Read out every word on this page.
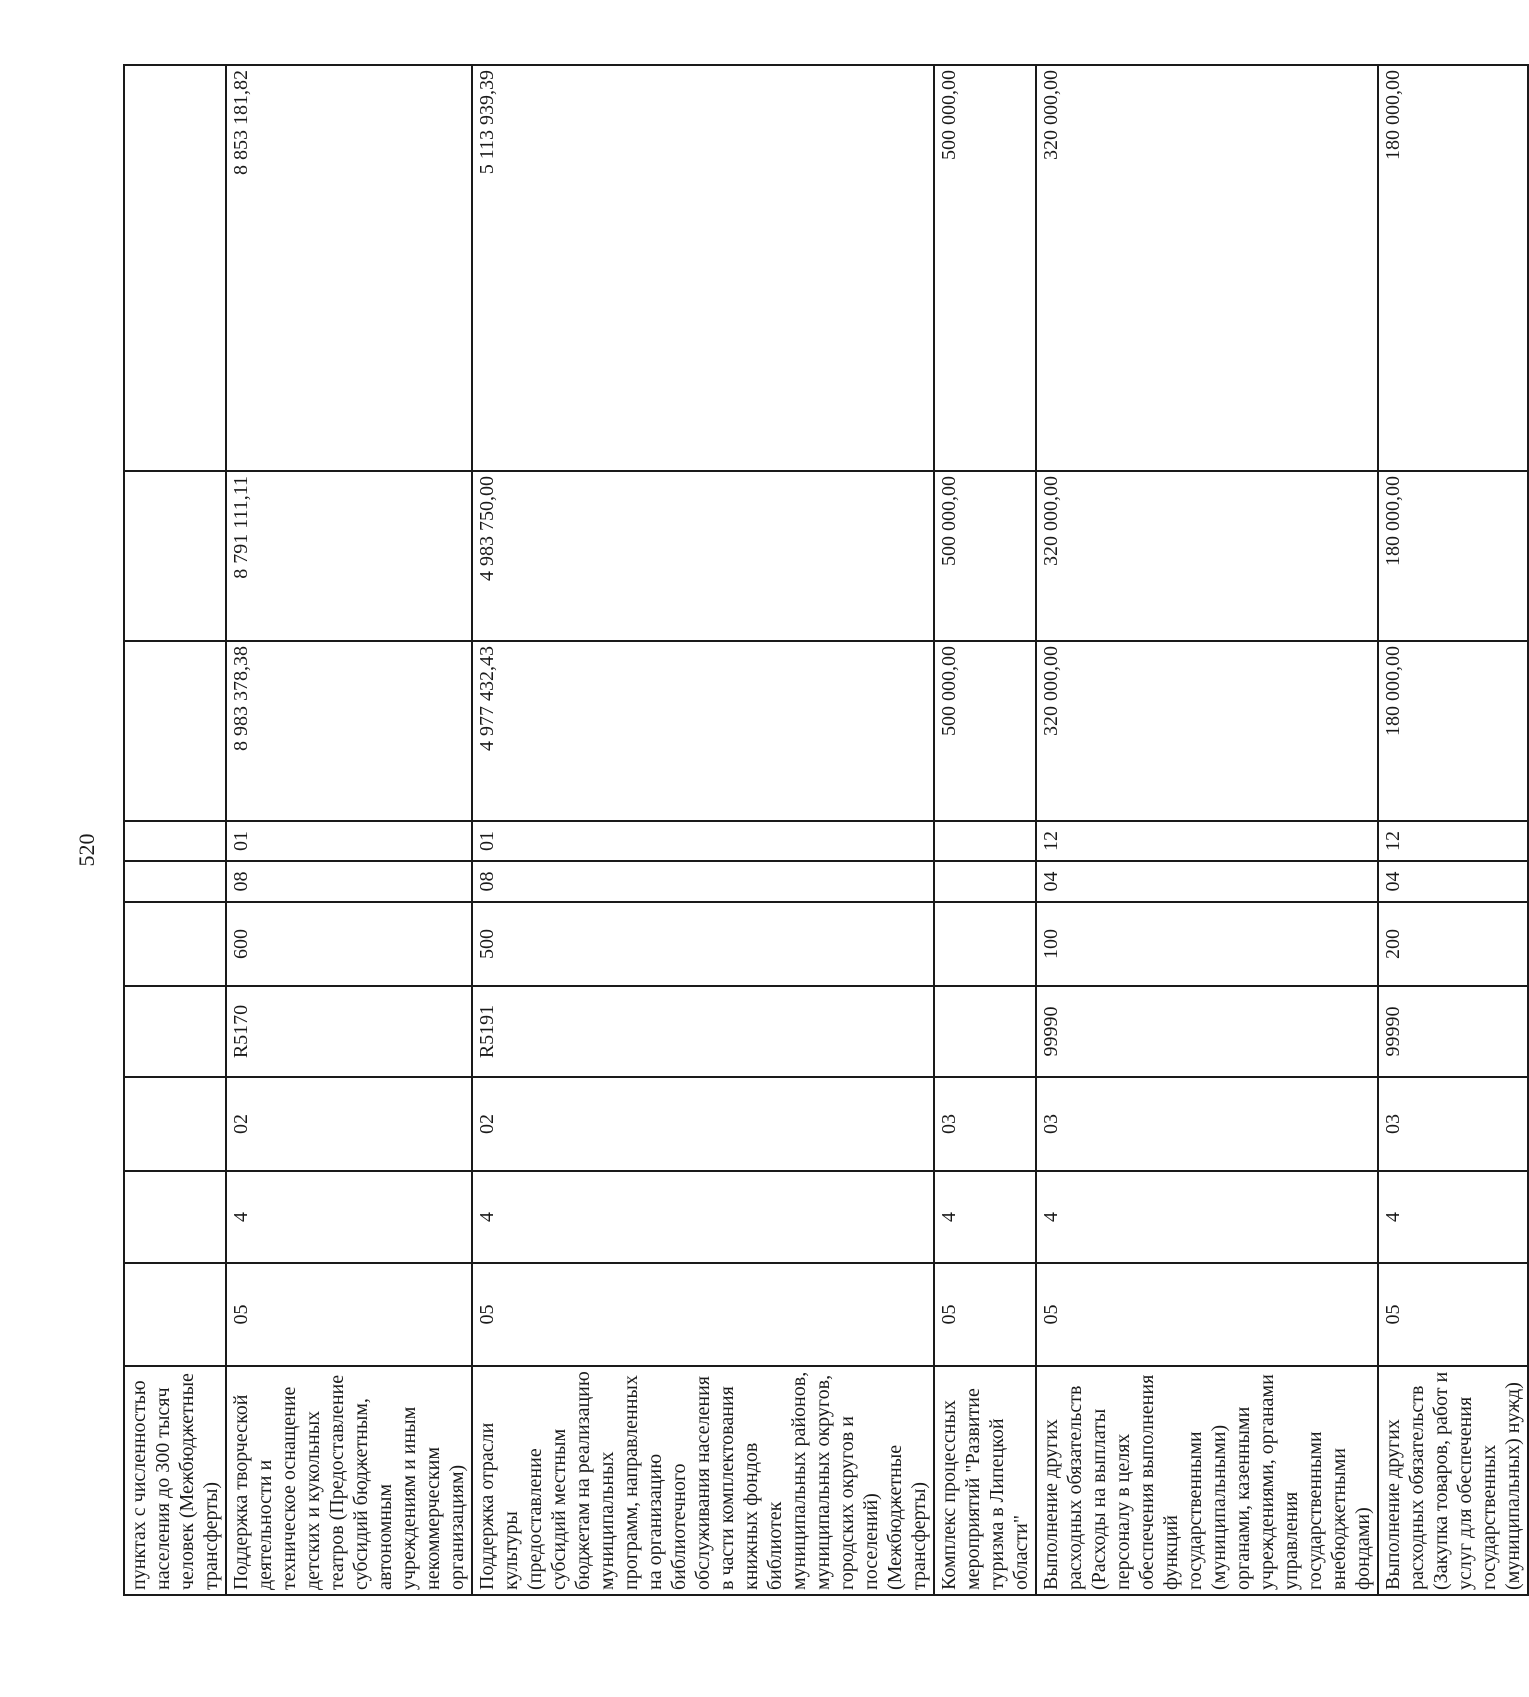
520
пунктах с численностью населения до 300 тысяч человек (Межбюджетные трансферты)										
Поддержка творческой деятельности и техническое оснащение детских и кукольных театров (Предоставление субсидий бюджетным, автономным учреждениям и иным некоммерческим организациям)	05	4	02	R5170	600	08	01	8 983 378,38	8 791 111,11	8 853 181,82
Поддержка отрасли культуры (предоставление субсидий местным бюджетам на реализацию муниципальных программ, направленных на организацию библиотечного обслуживания населения в части комплектования книжных фондов библиотек муниципальных районов, муниципальных округов, городских округов и поселений) (Межбюджетные трансферты)	05	4	02	R5191	500	08	01	4 977 432,43	4 983 750,00	5 113 939,39
Комплекс процессных мероприятий "Развитие туризма в Липецкой области"	05	4	03					500 000,00	500 000,00	500 000,00
Выполнение других расходных обязательств (Расходы на выплаты персоналу в целях обеспечения выполнения функций государственными (муниципальными) органами, казенными учреждениями, органами управления государственными внебюджетными фондами)	05	4	03	99990	100	04	12	320 000,00	320 000,00	320 000,00
Выполнение других расходных обязательств (Закупка товаров, работ и услуг для обеспечения государственных (муниципальных) нужд)	05	4	03	99990	200	04	12	180 000,00	180 000,00	180 000,00
